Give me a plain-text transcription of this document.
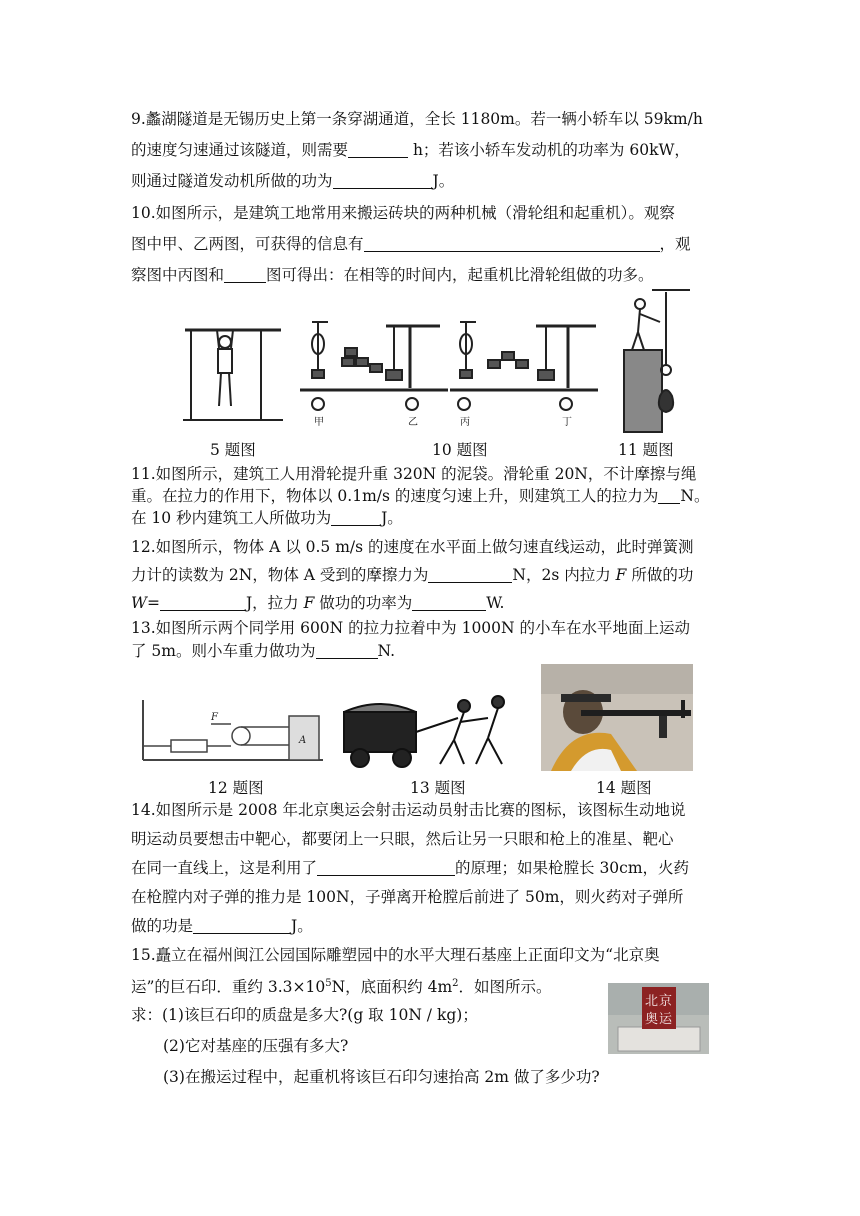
9.蠡湖隧道是无锡历史上第一条穿湖通道，全长 1180m。若一辆小轿车以 59km/h
的速度匀速通过该隧道，则需要	h；若该小轿车发动机的功率为 60kW，
则通过隧道发动机所做的功为	J。
10.如图所示，是建筑工地常用来搬运砖块的两种机械（滑轮组和起重机）。观察
图中甲、乙两图，可获得的信息有	，观
察图中丙图和	图可得出：在相等的时间内，起重机比滑轮组做的功多。
甲	乙	丙	丁
5 题图	10 题图	11 题图
11.如图所示，建筑工人用滑轮提升重 320N 的泥袋。滑轮重 20N，不计摩擦与绳
重。在拉力的作用下，物体以 0.1m/s 的速度匀速上升，则建筑工人的拉力为 N。
在 10 秒内建筑工人所做功为	J。
12.如图所示，物体 A 以 0.5 m/s 的速度在水平面上做匀速直线运动，此时弹簧测
力计的读数为 2N，物体 A 受到的摩擦力为	N，2s 内拉力 F 所做的功
W=	J，拉力 F 做功的功率为	W.
13.如图所示两个同学用 600N 的拉力拉着中为 1000N 的小车在水平地面上运动
了 5m。则小车重力做功为	N.
F
A
12 题图	13 题图	14 题图
14.如图所示是 2008 年北京奥运会射击运动员射击比赛的图标，该图标生动地说
明运动员要想击中靶心，都要闭上一只眼，然后让另一只眼和枪上的准星、靶心
在同一直线上，这是利用了	的原理；如果枪膛长 30cm，火药
在枪膛内对子弹的推力是 100N，子弹离开枪膛后前进了 50m，则火药对子弹所
做的功是	J。
15.矗立在福州闽江公园国际雕塑园中的水平大理石基座上正面印文为“北京奥
运”的巨石印．重约 $3.3\times 10^5N$，底面积约 $4m^2$．如图所示。
求：(1)该巨石印的质盘是多大?(g 取 10N / kg)；
(2)它对基座的压强有多大?
(3)在搬运过程中，起重机将该巨石印匀速抬高 2m 做了多少功?
北 京
奥 运
